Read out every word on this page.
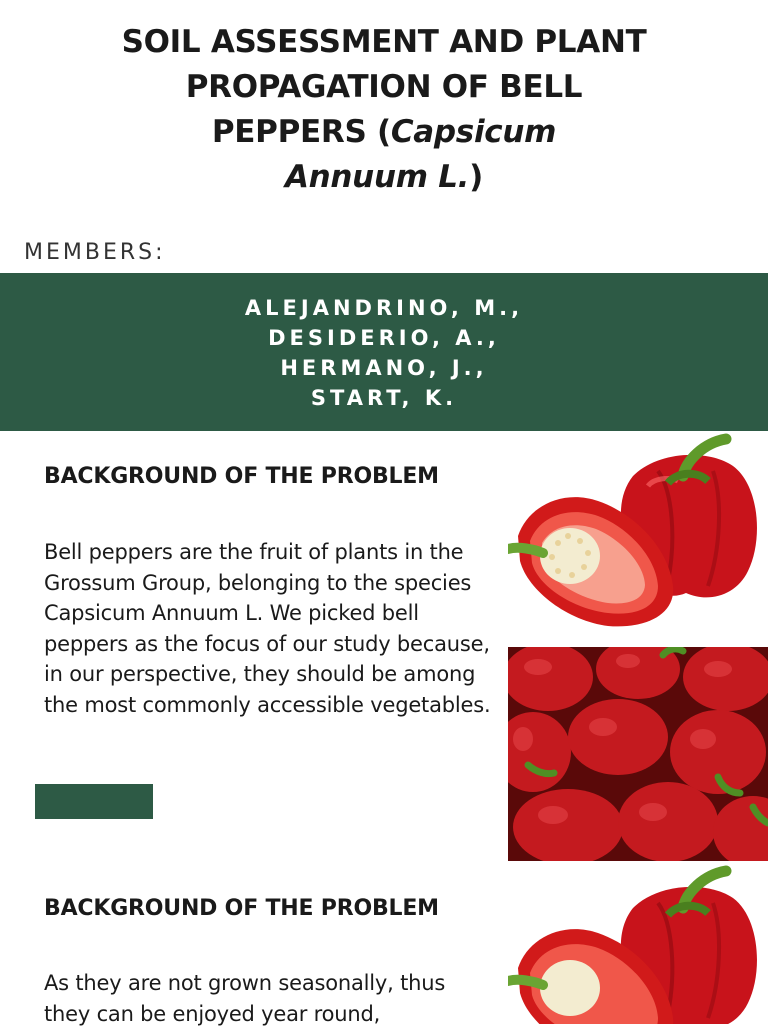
SOIL ASSESSMENT AND PLANT
PROPAGATION OF BELL
PEPPERS (Capsicum
Annuum L.)
MEMBERS:
ALEJANDRINO, M.,
DESIDERIO, A.,
HERMANO, J.,
START, K.
BACKGROUND OF THE PROBLEM
Bell peppers are the fruit of plants in the Grossum Group, belonging to the species Capsicum Annuum L. We picked bell peppers as the focus of our study because, in our perspective, they should be among the most commonly accessible vegetables.
BACKGROUND OF THE PROBLEM
As they are not grown seasonally, thus they can be enjoyed year round,
